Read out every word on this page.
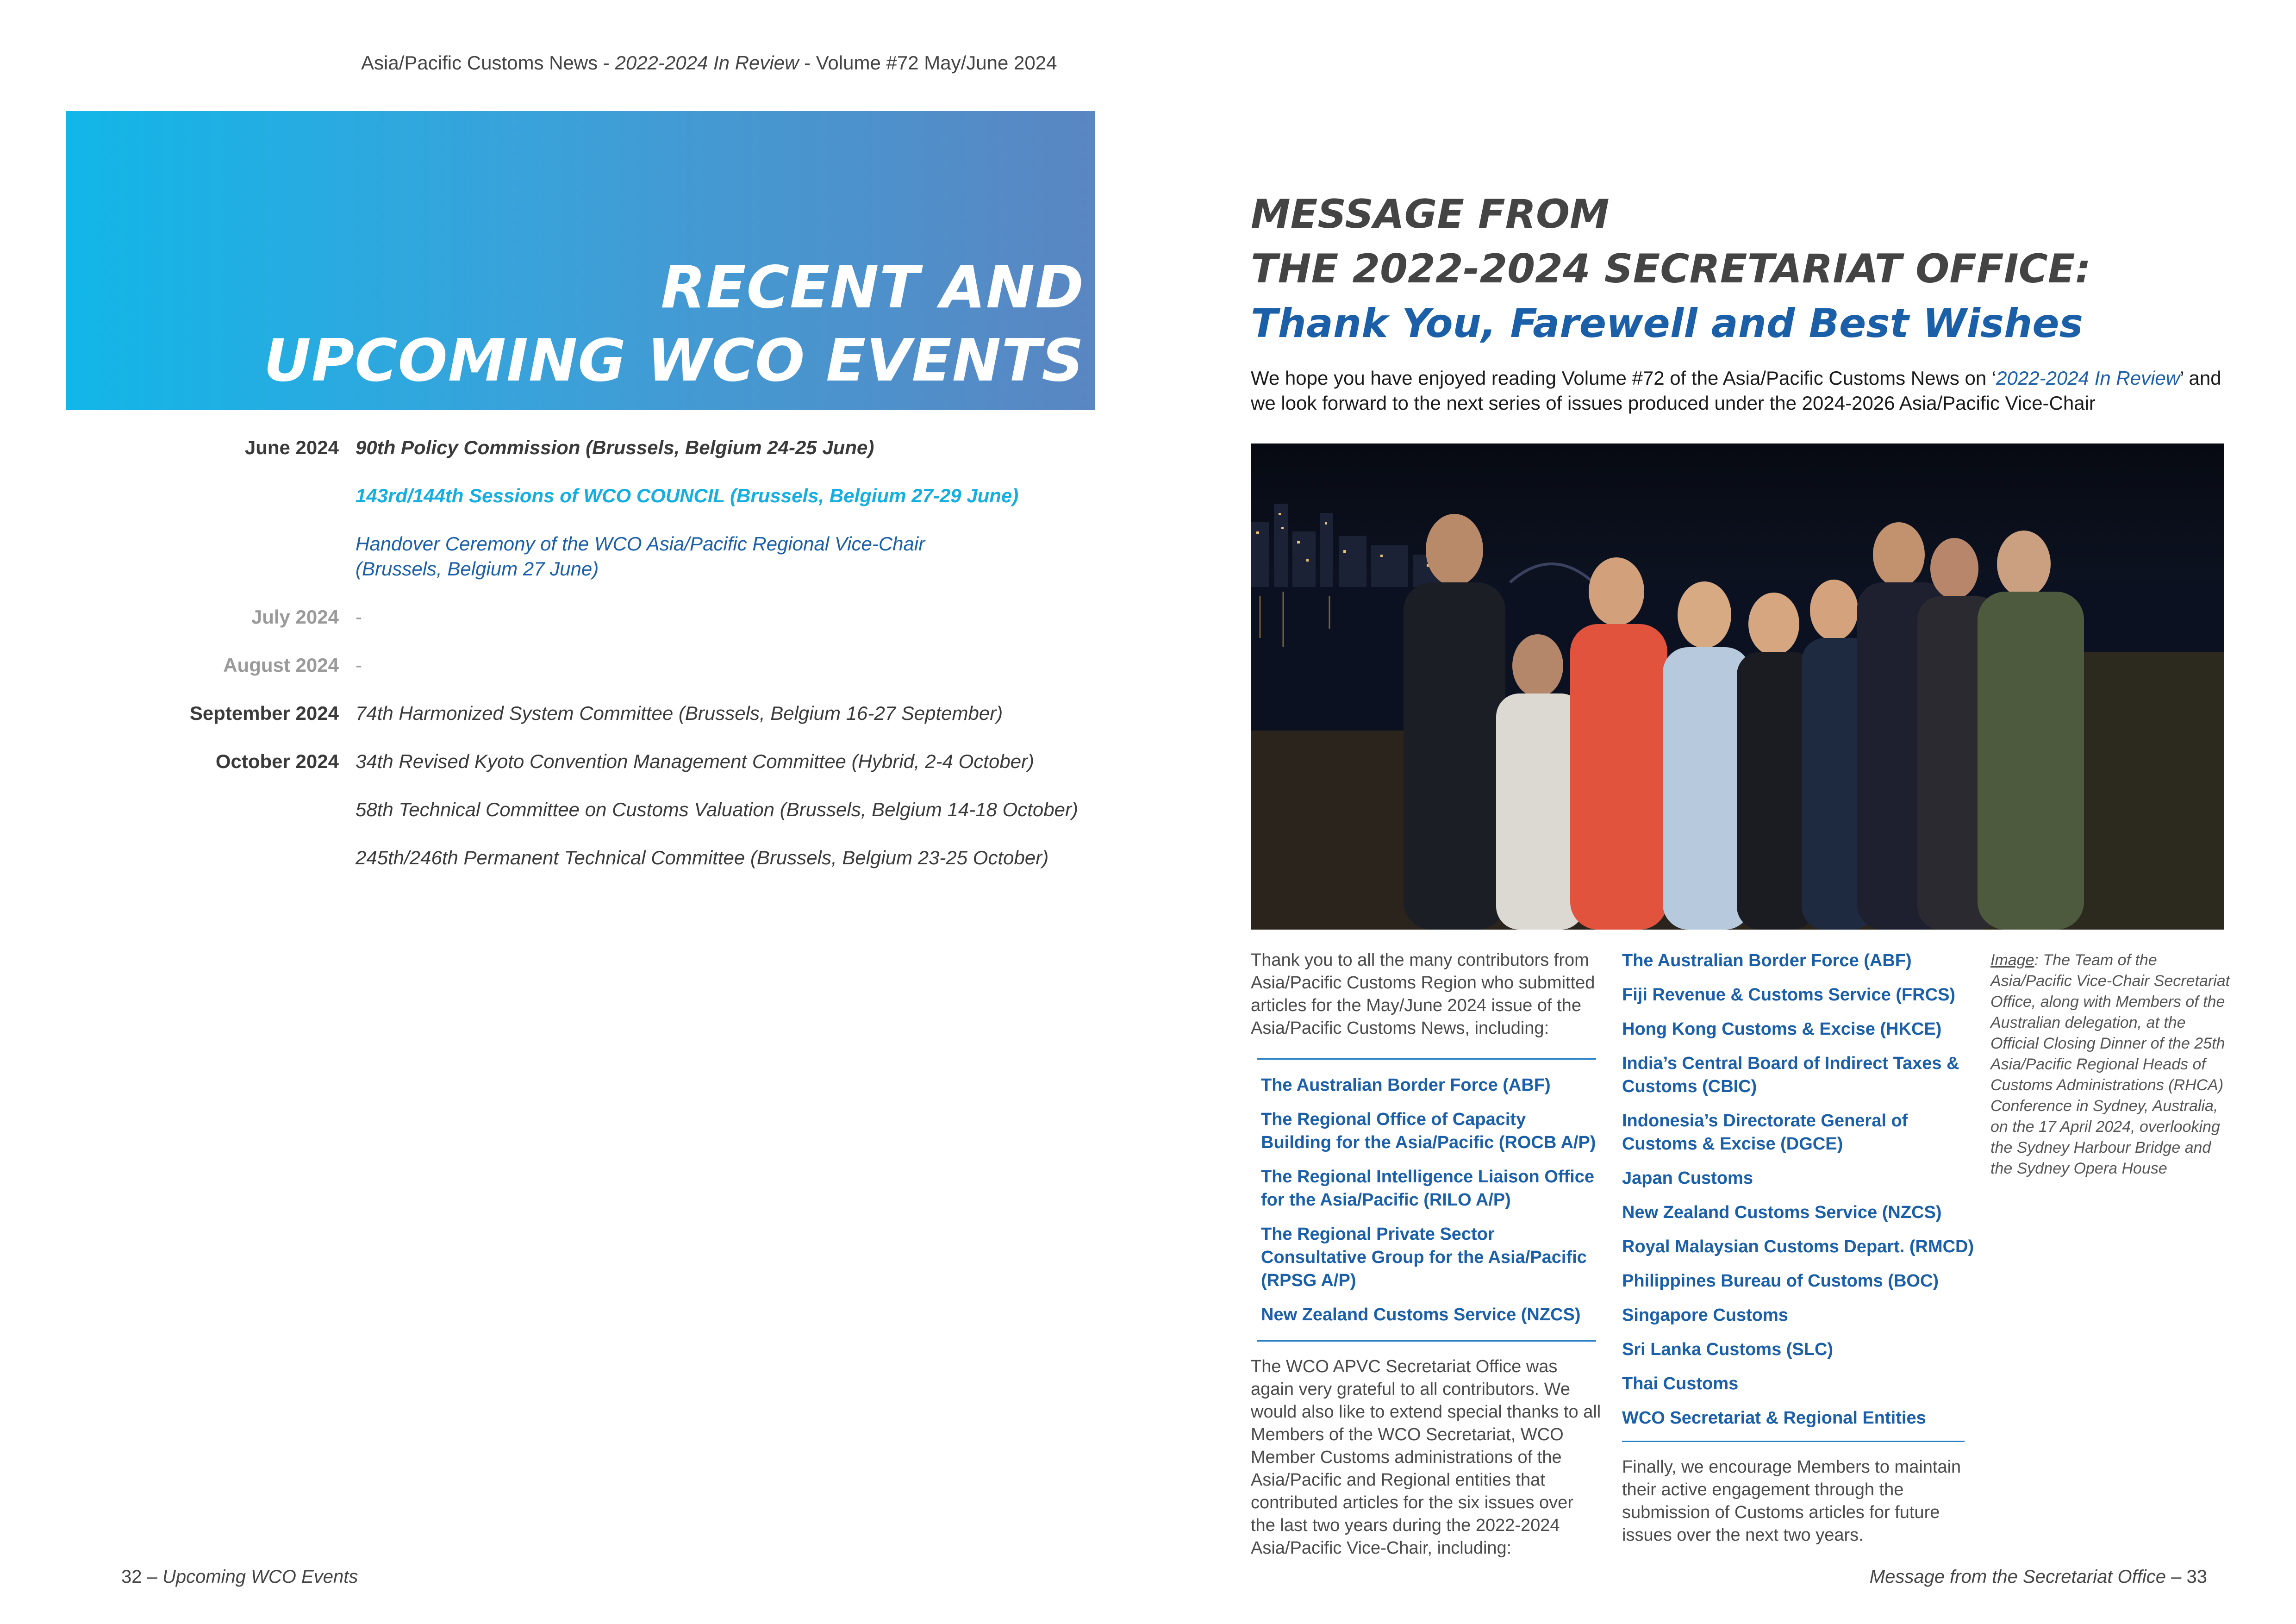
Asia/Pacific Customs News - 2022-2024 In Review - Volume #72 May/June 2024
RECENT AND
UPCOMING WCO EVENTS
June 2024 90th Policy Commission (Brussels, Belgium 24-25 June)
143rd/144th Sessions of WCO COUNCIL (Brussels, Belgium 27-29 June)
Handover Ceremony of the WCO Asia/Pacific Regional Vice-Chair
(Brussels, Belgium 27 June)
July 2024 -
August 2024 -
September 2024 74th Harmonized System Committee (Brussels, Belgium 16-27 September)
October 2024 34th Revised Kyoto Convention Management Committee (Hybrid, 2-4 October)
58th Technical Committee on Customs Valuation (Brussels, Belgium 14-18 October)
245th/246th Permanent Technical Committee (Brussels, Belgium 23-25 October)
32 – Upcoming WCO Events
MESSAGE FROM
THE 2022-2024 SECRETARIAT OFFICE:
Thank You, Farewell and Best Wishes
We hope you have enjoyed reading Volume #72 of the Asia/Pacific Customs News on ‘2022-2024 In Review’ and we look forward to the next series of issues produced under the 2024-2026 Asia/Pacific Vice-Chair

Thank you to all the many contributors from Asia/Pacific Customs Region who submitted articles for the May/June 2024 issue of the Asia/Pacific Customs News, including:

The Australian Border Force (ABF)
The Regional Office of Capacity Building for the Asia/Pacific (ROCB A/P)
The Regional Intelligence Liaison Office for the Asia/Pacific (RILO A/P)
The Regional Private Sector Consultative Group for the Asia/Pacific (RPSG A/P)
New Zealand Customs Service (NZCS)

The WCO APVC Secretariat Office was again very grateful to all contributors. We would also like to extend special thanks to all Members of the WCO Secretariat, WCO Member Customs administrations of the Asia/Pacific and Regional entities that contributed articles for the six issues over the last two years during the 2022-2024 Asia/Pacific Vice-Chair, including:

The Australian Border Force (ABF)
Fiji Revenue & Customs Service (FRCS)
Hong Kong Customs & Excise (HKCE)
India’s Central Board of Indirect Taxes & Customs (CBIC)
Indonesia’s Directorate General of Customs & Excise (DGCE)
Japan Customs
New Zealand Customs Service (NZCS)
Royal Malaysian Customs Depart. (RMCD)
Philippines Bureau of Customs (BOC)
Singapore Customs
Sri Lanka Customs (SLC)
Thai Customs
WCO Secretariat & Regional Entities

Finally, we encourage Members to maintain their active engagement through the submission of Customs articles for future issues over the next two years.

Image: The Team of the Asia/Pacific Vice-Chair Secretariat Office, along with Members of the Australian delegation, at the Official Closing Dinner of the 25th Asia/Pacific Regional Heads of Customs Administrations (RHCA) Conference in Sydney, Australia, on the 17 April 2024, overlooking the Sydney Harbour Bridge and the Sydney Opera House
Message from the Secretariat Office – 33
